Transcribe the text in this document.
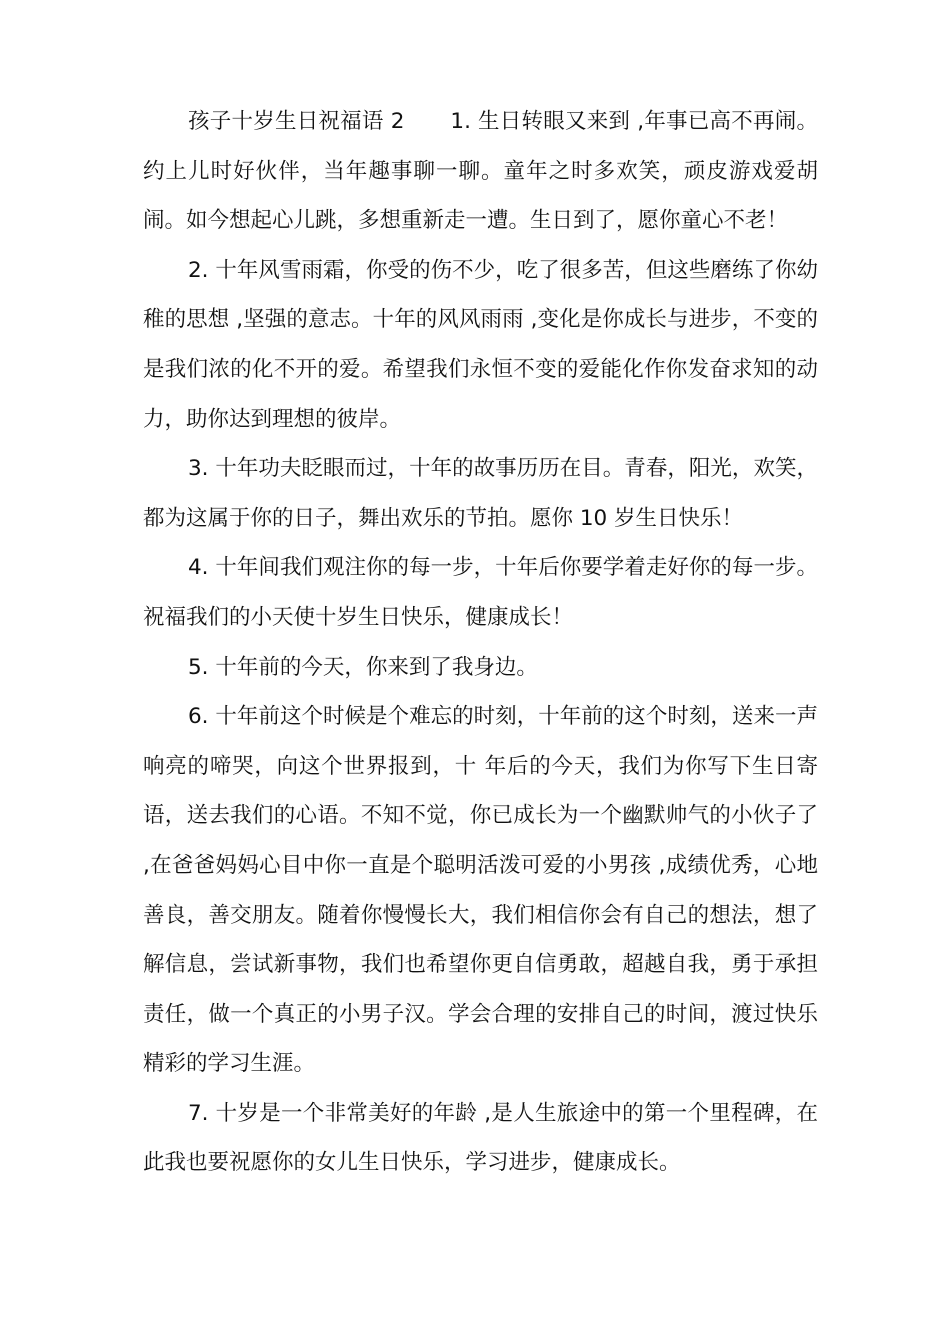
孩子十岁生日祝福语 2 1. 生日转眼又来到 ,年事已高不再闹。约上儿时好伙伴，当年趣事聊一聊。童年之时多欢笑，顽皮游戏爱胡闹。如今想起心儿跳，多想重新走一遭。生日到了，愿你童心不老！

2. 十年风雪雨霜，你受的伤不少，吃了很多苦，但这些磨练了你幼稚的思想 ,坚强的意志。十年的风风雨雨 ,变化是你成长与进步，不变的是我们浓的化不开的爱。希望我们永恒不变的爱能化作你发奋求知的动力，助你达到理想的彼岸。

3. 十年功夫眨眼而过，十年的故事历历在目。青春，阳光，欢笑，都为这属于你的日子，舞出欢乐的节拍。愿你 10 岁生日快乐！

4. 十年间我们观注你的每一步，十年后你要学着走好你的每一步。祝福我们的小天使十岁生日快乐，健康成长！

5. 十年前的今天，你来到了我身边。

6. 十年前这个时候是个难忘的时刻，十年前的这个时刻，送来一声响亮的啼哭，向这个世界报到，十 年后的今天，我们为你写下生日寄语，送去我们的心语。不知不觉，你已成长为一个幽默帅气的小伙子了 ,在爸爸妈妈心目中你一直是个聪明活泼可爱的小男孩 ,成绩优秀，心地善良，善交朋友。随着你慢慢长大，我们相信你会有自己的想法，想了解信息，尝试新事物，我们也希望你更自信勇敢，超越自我，勇于承担责任，做一个真正的小男子汉。学会合理的安排自己的时间，渡过快乐精彩的学习生涯。

7. 十岁是一个非常美好的年龄 ,是人生旅途中的第一个里程碑，在此我也要祝愿你的女儿生日快乐，学习进步，健康成长。
